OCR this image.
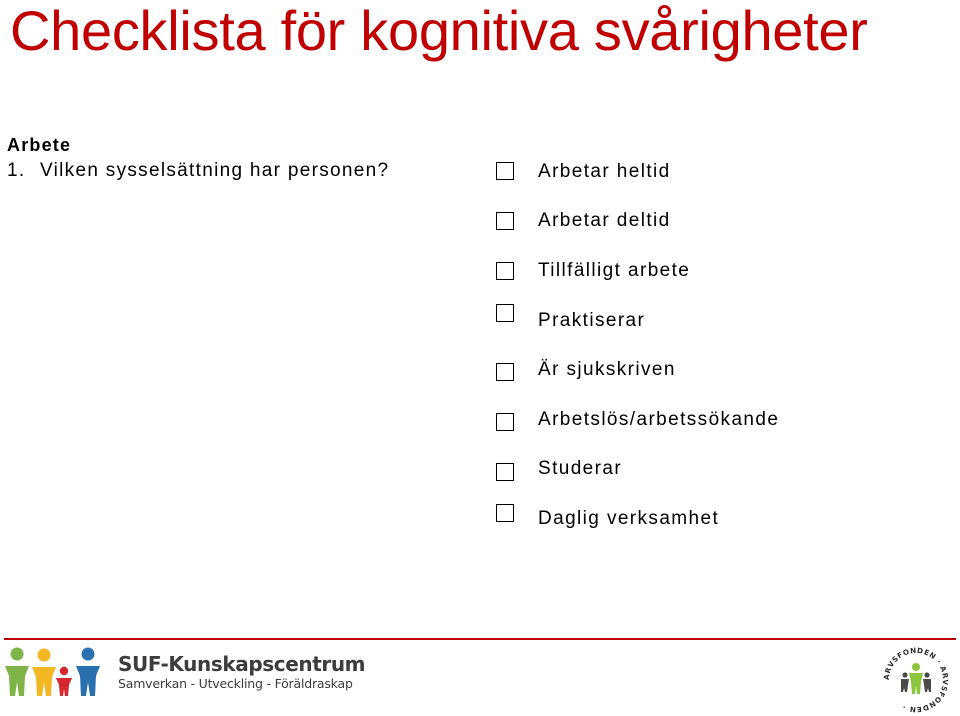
Checklista för kognitiva svårigheter
Arbete
1. Vilken sysselsättning har personen?	Arbetar heltid
Arbetar deltid
Tillfälligt arbete
Praktiserar
Är sjukskriven
Arbetslös/arbetssökande
Studerar
Daglig verksamhet
SUF-Kunskapscentrum
Samverkan - Utveckling - Föräldraskap	ARVSFONDEN · ARVSFONDEN ·
